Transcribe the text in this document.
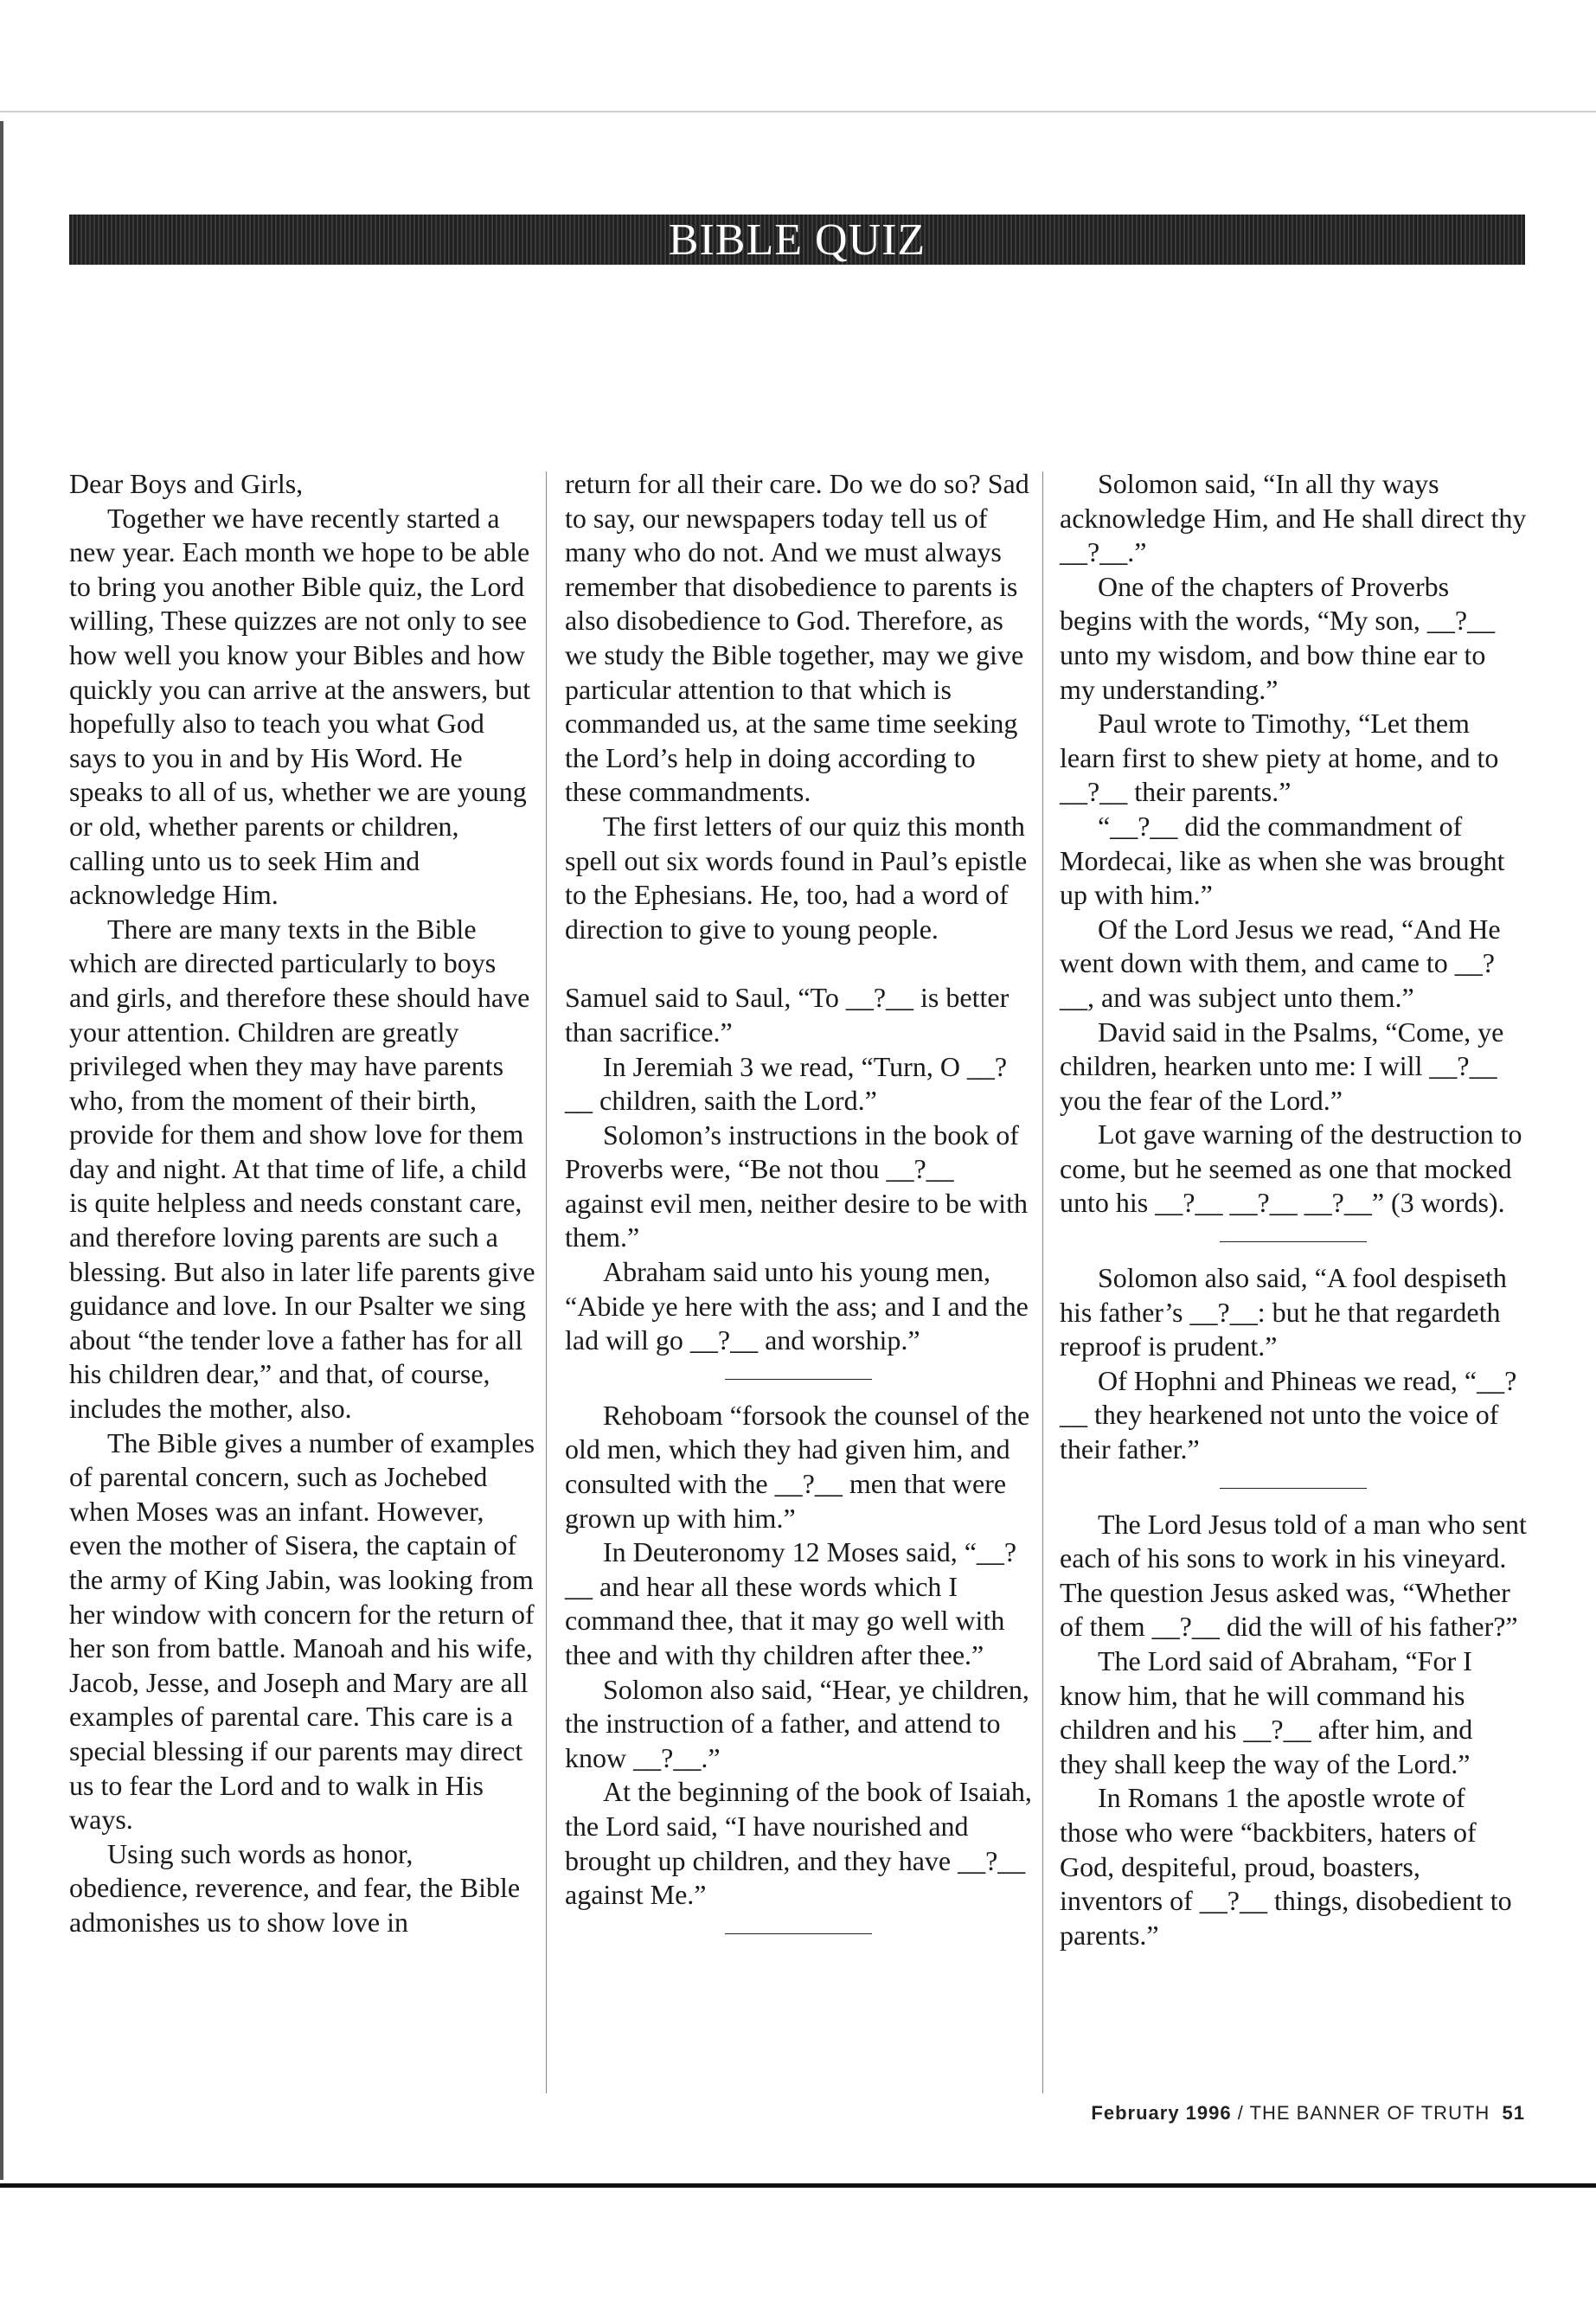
BIBLE QUIZ

Dear Boys and Girls,

Together we have recently started a new year. Each month we hope to be able to bring you another Bible quiz, the Lord willing, These quizzes are not only to see how well you know your Bibles and how quickly you can arrive at the answers, but hopefully also to teach you what God says to you in and by His Word. He speaks to all of us, whether we are young or old, whether parents or children, calling unto us to seek Him and acknowledge Him.

There are many texts in the Bible which are directed particularly to boys and girls, and therefore these should have your attention. Children are greatly privileged when they may have parents who, from the moment of their birth, provide for them and show love for them day and night. At that time of life, a child is quite helpless and needs constant care, and therefore loving parents are such a blessing. But also in later life parents give guidance and love. In our Psalter we sing about “the tender love a father has for all his children dear,” and that, of course, includes the mother, also.

The Bible gives a number of examples of parental concern, such as Jochebed when Moses was an infant. However, even the mother of Sisera, the captain of the army of King Jabin, was looking from her window with concern for the return of her son from battle. Manoah and his wife, Jacob, Jesse, and Joseph and Mary are all examples of parental care. This care is a special blessing if our parents may direct us to fear the Lord and to walk in His ways.

Using such words as honor, obedience, reverence, and fear, the Bible admonishes us to show love in

return for all their care. Do we do so? Sad to say, our newspapers today tell us of many who do not. And we must always remember that disobedience to parents is also disobedience to God. Therefore, as we study the Bible together, may we give particular attention to that which is commanded us, at the same time seeking the Lord’s help in doing according to these commandments.

The first letters of our quiz this month spell out six words found in Paul’s epistle to the Ephesians. He, too, had a word of direction to give to young people.

Samuel said to Saul, “To __?__ is better than sacrifice.”

In Jeremiah 3 we read, “Turn, O __?__ children, saith the Lord.”

Solomon’s instructions in the book of Proverbs were, “Be not thou __?__ against evil men, neither desire to be with them.”

Abraham said unto his young men, “Abide ye here with the ass; and I and the lad will go __?__ and worship.”

Rehoboam “forsook the counsel of the old men, which they had given him, and consulted with the __?__ men that were grown up with him.”

In Deuteronomy 12 Moses said, “__?__ and hear all these words which I command thee, that it may go well with thee and with thy children after thee.”

Solomon also said, “Hear, ye children, the instruction of a father, and attend to know __?__.”

At the beginning of the book of Isaiah, the Lord said, “I have nourished and brought up children, and they have __?__ against Me.”

Solomon said, “In all thy ways acknowledge Him, and He shall direct thy __?__.”

One of the chapters of Proverbs begins with the words, “My son, __?__ unto my wisdom, and bow thine ear to my understanding.”

Paul wrote to Timothy, “Let them learn first to shew piety at home, and to __?__ their parents.”

“__?__ did the commandment of Mordecai, like as when she was brought up with him.”

Of the Lord Jesus we read, “And He went down with them, and came to __?__, and was subject unto them.”

David said in the Psalms, “Come, ye children, hearken unto me: I will __?__ you the fear of the Lord.”

Lot gave warning of the destruction to come, but he seemed as one that mocked unto his __?__ __?__ __?__” (3 words).

Solomon also said, “A fool despiseth his father’s __?__: but he that regardeth reproof is prudent.”

Of Hophni and Phineas we read, “__?__ they hearkened not unto the voice of their father.”

The Lord Jesus told of a man who sent each of his sons to work in his vineyard. The question Jesus asked was, “Whether of them __?__ did the will of his father?”

The Lord said of Abraham, “For I know him, that he will command his children and his __?__ after him, and they shall keep the way of the Lord.”

In Romans 1 the apostle wrote of those who were “backbiters, haters of God, despiteful, proud, boasters, inventors of __?__ things, disobedient to parents.”

February 1996 / THE BANNER OF TRUTH 51
